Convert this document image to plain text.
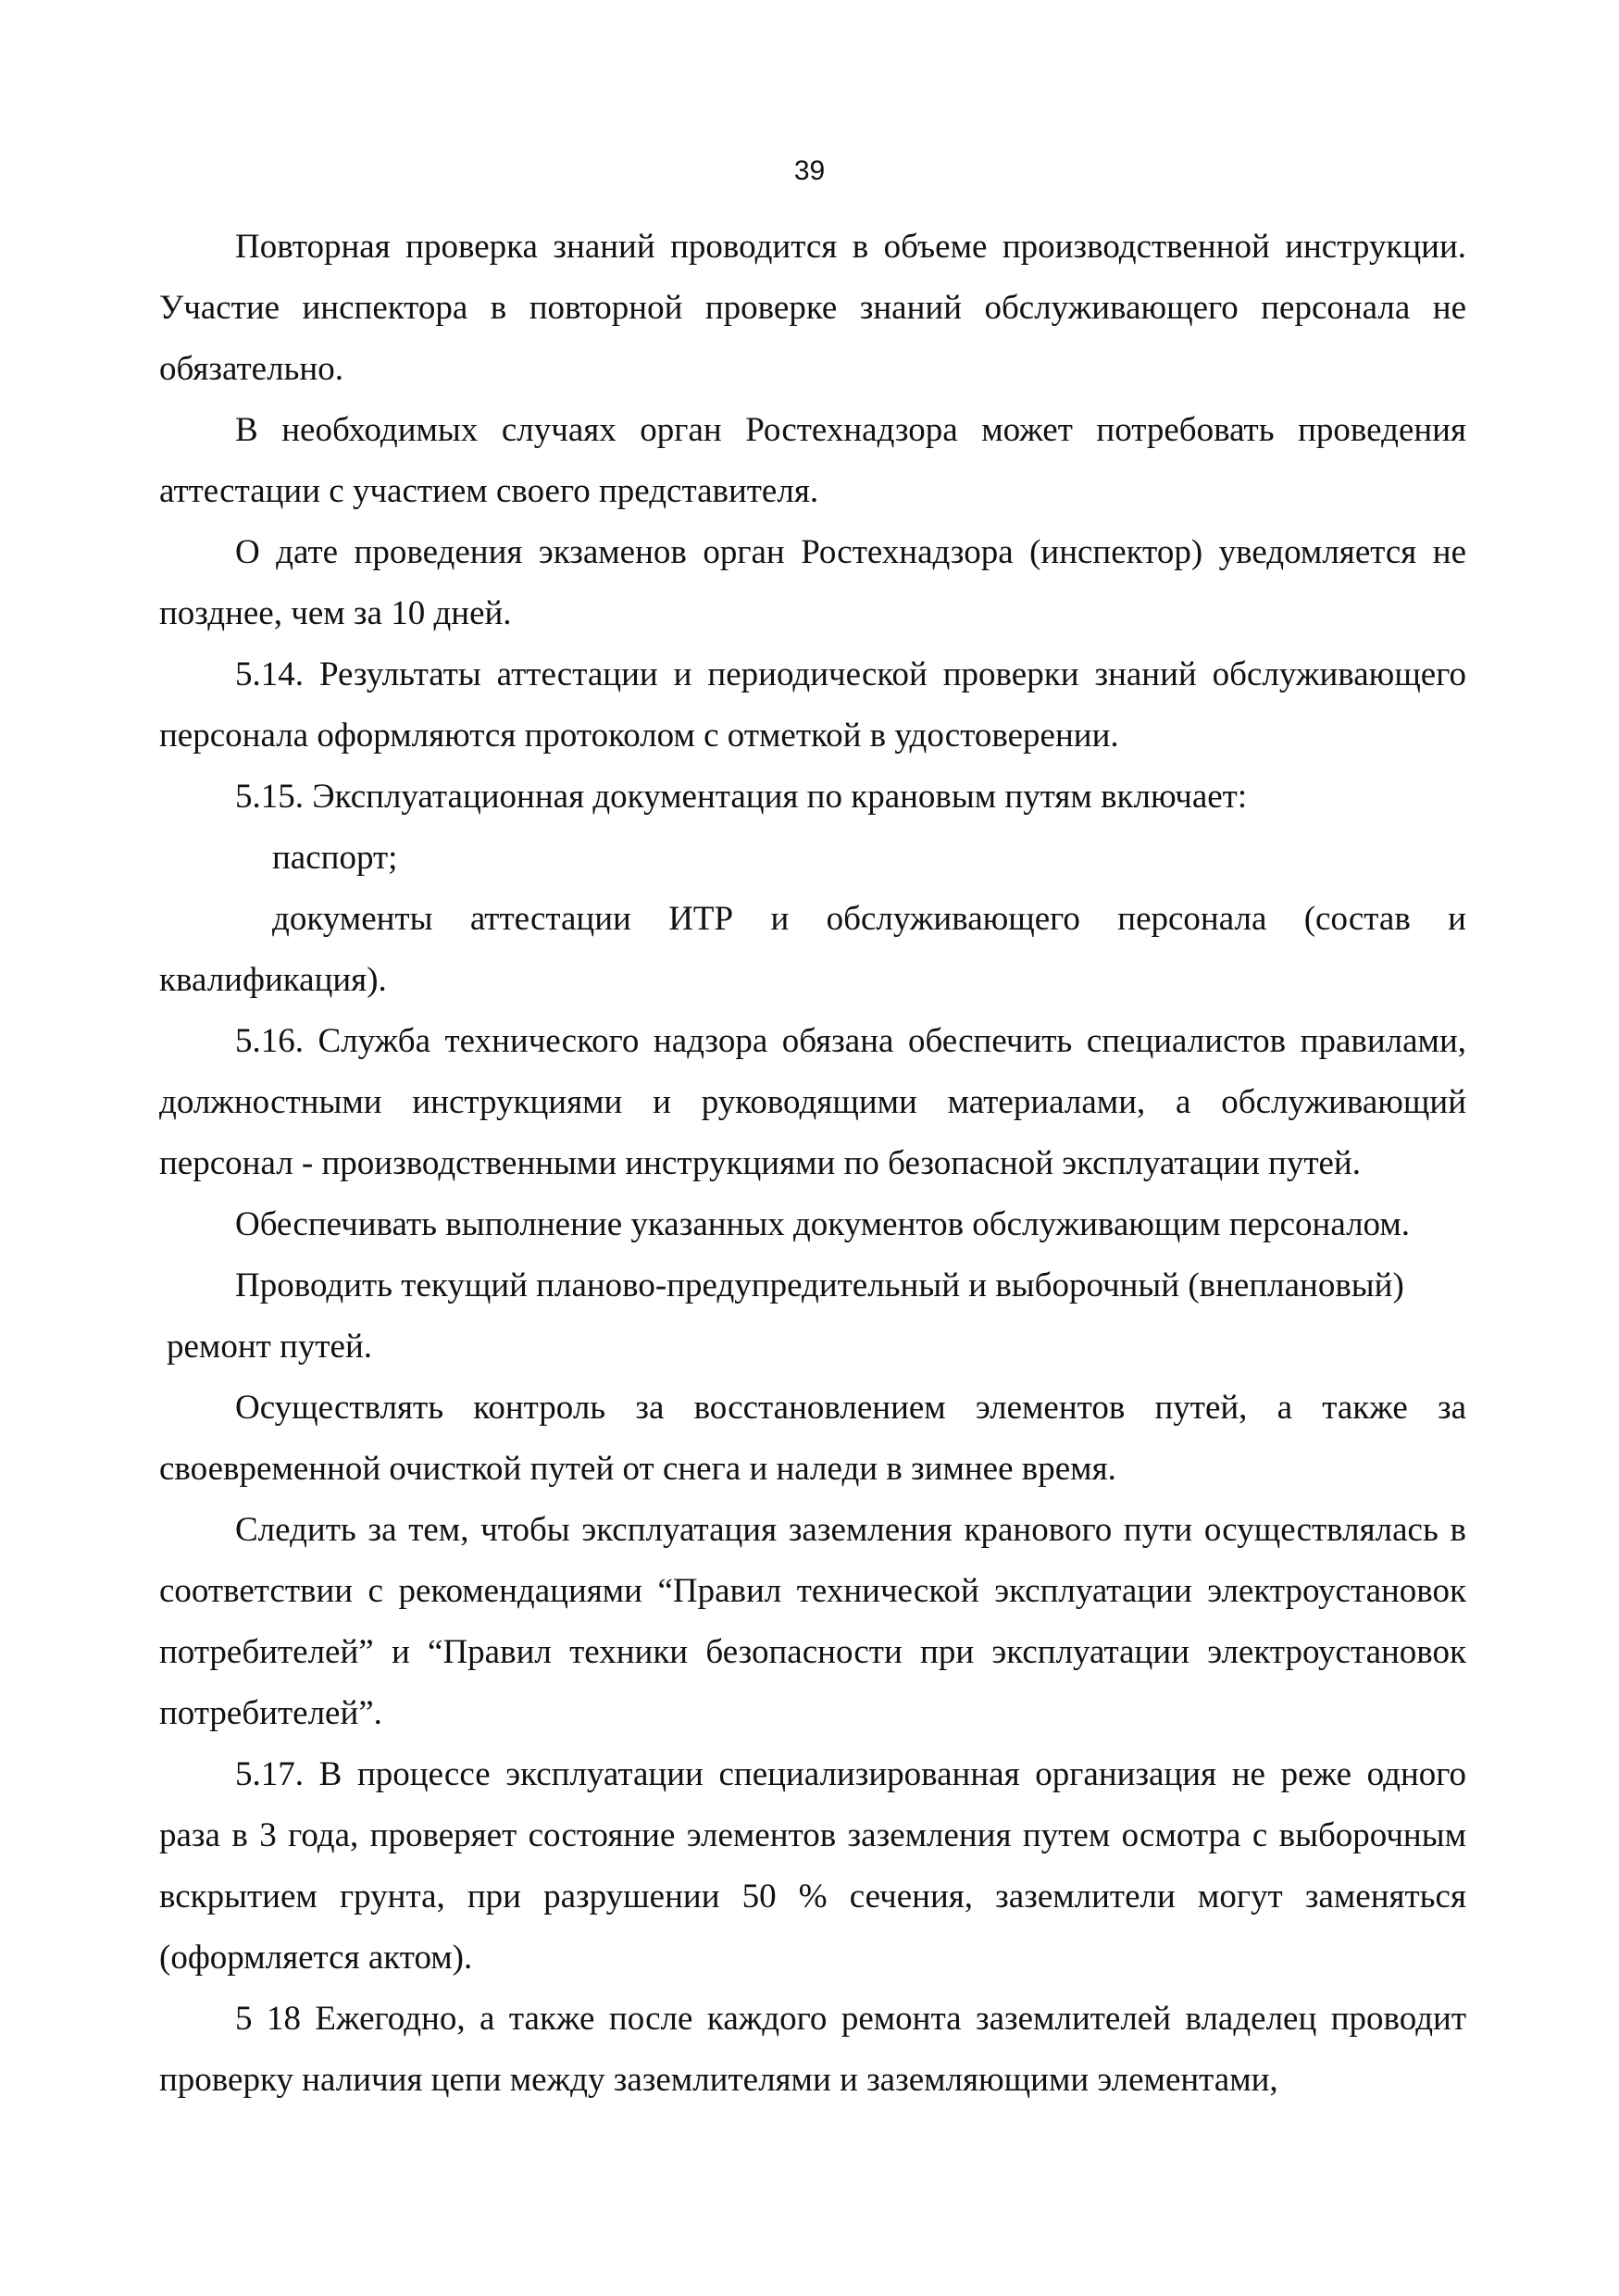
39

Повторная проверка знаний проводится в объеме производственной инструкции. Участие инспектора в повторной проверке знаний обслуживающего персонала не обязательно.

В необходимых случаях орган Ростехнадзора может потребовать проведения аттестации с участием своего представителя.

О дате проведения экзаменов орган Ростехнадзора (инспектор) уведомляется не позднее, чем за 10 дней.

5.14. Результаты аттестации и периодической проверки знаний обслуживающего персонала оформляются протоколом с отметкой в удостоверении.

5.15. Эксплуатационная документация по крановым путям включает:

паспорт;

документы аттестации ИТР и обслуживающего персонала (состав и квалификация).

5.16. Служба технического надзора обязана обеспечить специалистов правилами, должностными инструкциями и руководящими материалами, а обслуживающий персонал - производственными инструкциями по безопасной эксплуатации путей.

Обеспечивать выполнение указанных документов обслуживающим персоналом.

Проводить текущий планово-предупредительный и выборочный (внеплановый)

ремонт путей.

Осуществлять контроль за восстановлением элементов путей, а также за своевременной очисткой путей от снега и наледи в зимнее время.

Следить за тем, чтобы эксплуатация заземления кранового пути осуществлялась в соответствии с рекомендациями “Правил технической эксплуатации электроустановок потребителей” и “Правил техники безопасности при эксплуатации электроустановок потребителей”.

5.17. В процессе эксплуатации специализированная организация не реже одного раза в 3 года, проверяет состояние элементов заземления путем осмотра с выборочным вскрытием грунта, при разрушении 50 % сечения, заземлители могут заменяться (оформляется актом).

5 18 Ежегодно, а также после каждого ремонта заземлителей владелец проводит проверку наличия цепи между заземлителями и заземляющими элементами,
